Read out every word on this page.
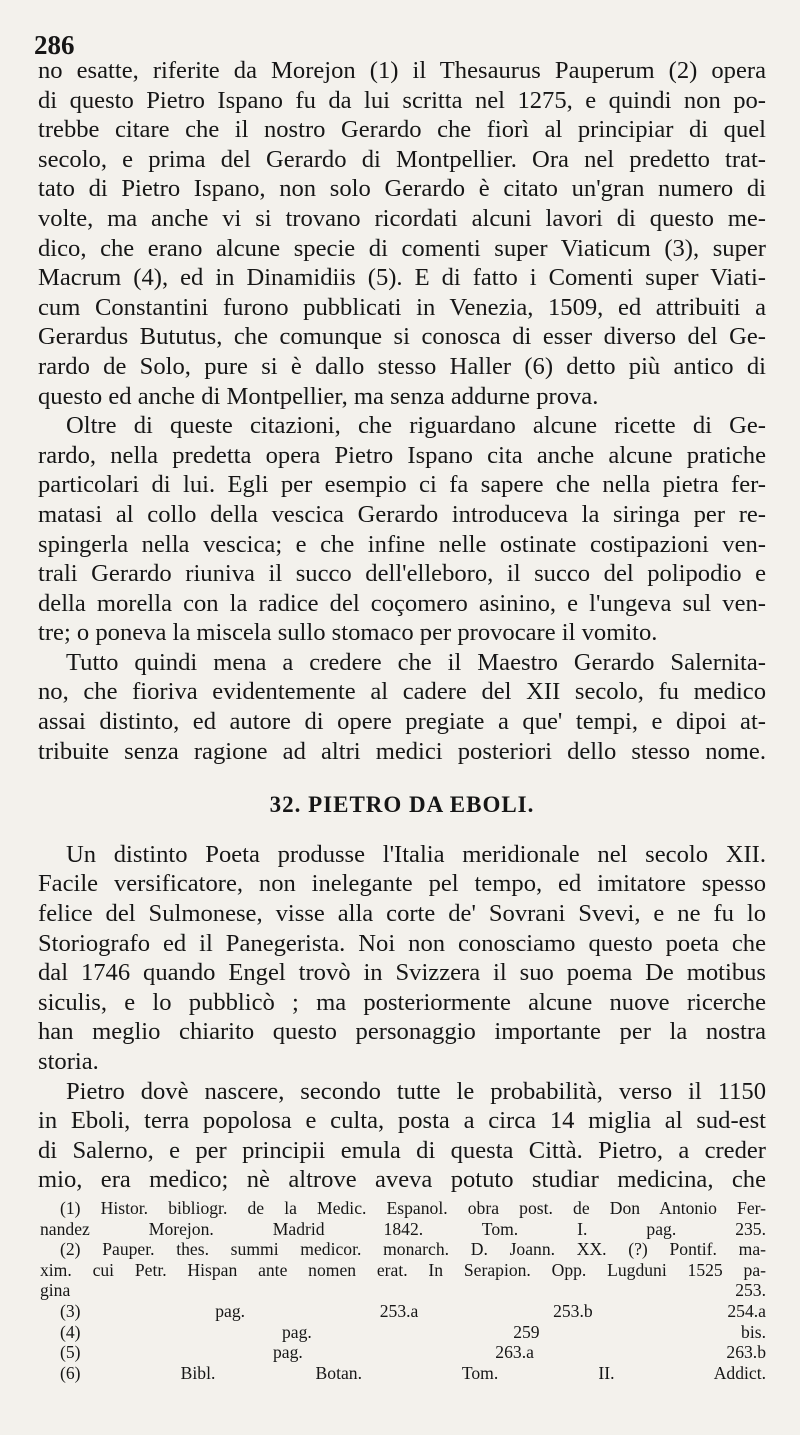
286
no esatte, riferite da Morejon (1) il Thesaurus Pauperum (2) opera
di questo Pietro Ispano fu da lui scritta nel 1275, e quindi non po-
trebbe citare che il nostro Gerardo che fiorì al principiar di quel
secolo, e prima del Gerardo di Montpellier. Ora nel predetto trat-
tato di Pietro Ispano, non solo Gerardo è citato un'gran numero di
volte, ma anche vi si trovano ricordati alcuni lavori di questo me-
dico, che erano alcune specie di comenti super Viaticum (3), super
Macrum (4), ed in Dinamidiis (5). E di fatto i Comenti super Viati-
cum Constantini furono pubblicati in Venezia, 1509, ed attribuiti a
Gerardus Bututus, che comunque si conosca di esser diverso del Ge-
rardo de Solo, pure si è dallo stesso Haller (6) detto più antico di
questo ed anche di Montpellier, ma senza addurne prova.
Oltre di queste citazioni, che riguardano alcune ricette di Ge-
rardo, nella predetta opera Pietro Ispano cita anche alcune pratiche
particolari di lui. Egli per esempio ci fa sapere che nella pietra fer-
matasi al collo della vescica Gerardo introduceva la siringa per re-
spingerla nella vescica; e che infine nelle ostinate costipazioni ven-
trali Gerardo riuniva il succo dell'elleboro, il succo del polipodio e
della morella con la radice del coçomero asinino, e l'ungeva sul ven-
tre; o poneva la miscela sullo stomaco per provocare il vomito.
Tutto quindi mena a credere che il Maestro Gerardo Salernita-
no, che fioriva evidentemente al cadere del XII secolo, fu medico
assai distinto, ed autore di opere pregiate a que' tempi, e dipoi at-
tribuite senza ragione ad altri medici posteriori dello stesso nome.
32. PIETRO DA EBOLI.
Un distinto Poeta produsse l'Italia meridionale nel secolo XII.
Facile versificatore, non inelegante pel tempo, ed imitatore spesso
felice del Sulmonese, visse alla corte de' Sovrani Svevi, e ne fu lo
Storiografo ed il Panegerista. Noi non conosciamo questo poeta che
dal 1746 quando Engel trovò in Svizzera il suo poema De motibus
siculis, e lo pubblicò ; ma posteriormente alcune nuove ricerche
han meglio chiarito questo personaggio importante per la nostra
storia.
Pietro dovè nascere, secondo tutte le probabilità, verso il 1150
in Eboli, terra popolosa e culta, posta a circa 14 miglia al sud-est
di Salerno, e per principii emula di questa Città. Pietro, a creder
mio, era medico; nè altrove aveva potuto studiar medicina, che
(1) Histor. bibliogr. de la Medic. Espanol. obra post. de Don Antonio Fer-
nandez Morejon. Madrid 1842. Tom. I. pag. 235.
(2) Pauper. thes. summi medicor. monarch. D. Joann. XX. (?) Pontif. ma-
xim. cui Petr. Hispan ante nomen erat. In Serapion. Opp. Lugduni 1525 pa-
gina 253.
(3) pag. 253.a 253.b 254.a
(4) pag. 259 bis.
(5) pag. 263.a 263.b
(6) Bibl. Botan. Tom. II. Addict.
